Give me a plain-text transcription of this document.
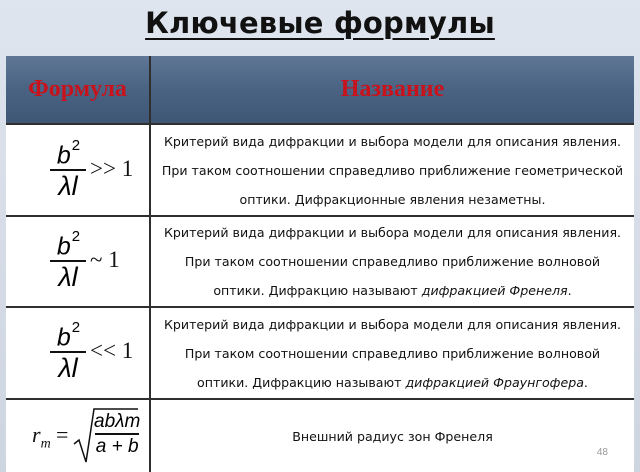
Ключевые формулы
Формула	Название
$b^2$
λl
>> 1
Критерий вида дифракции и выбора модели для описания явления.
При таком соотношении справедливо приближение геометрической
оптики. Дифракционные явления незаметны.
$b^2$
λl
~ 1
Критерий вида дифракции и выбора модели для описания явления.
При таком соотношении справедливо приближение волновой
оптики. Дифракцию называют дифракцией Френеля.
$b^2$
λl
<< 1
Критерий вида дифракции и выбора модели для описания явления.
При таком соотношении справедливо приближение волновой
оптики. Дифракцию называют дифракцией Фраунгофера.
$r_m$ =
abλm
a + b	Внешний радиус зон Френеля
48
